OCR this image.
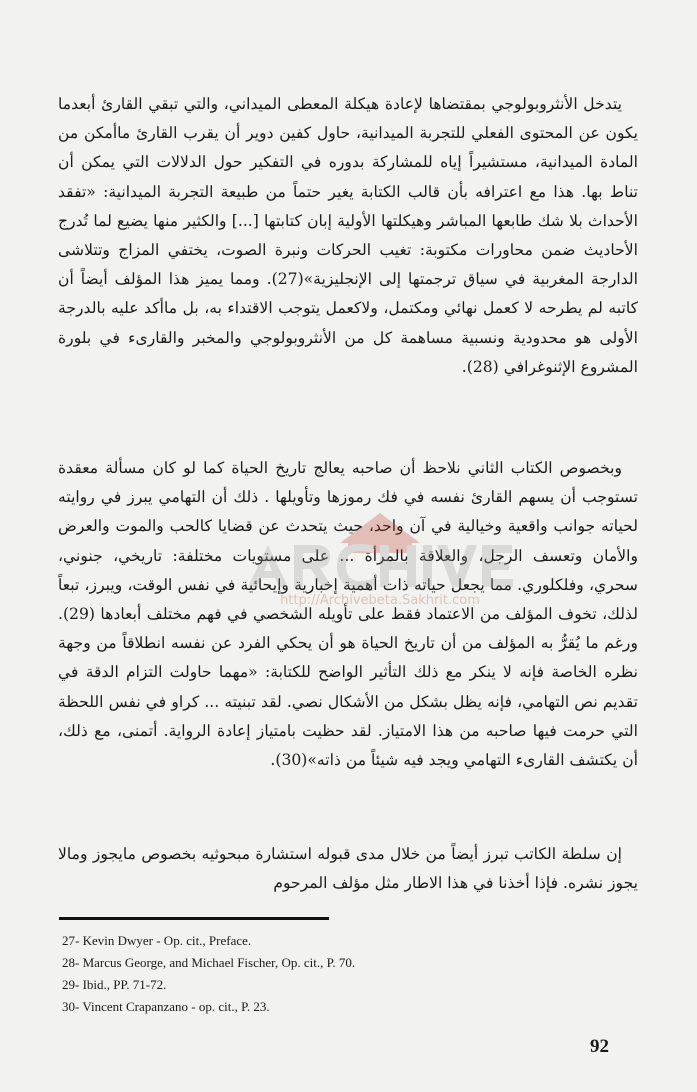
يتدخل الأنثروبولوجي بمقتضاها لإعادة هيكلة المعطى الميداني، والتي تبقي القارئ أبعدما يكون عن المحتوى الفعلي للتجربة الميدانية، حاول كفين دوير أن يقرب القارئ ماأمكن من المادة الميدانية، مستشيراً إياه للمشاركة بدوره في التفكير حول الدلالات التي يمكن أن تناط بها. هذا مع اعترافه بأن قالب الكتابة يغير حتماً من طبيعة التجربة الميدانية: «تفقد الأحداث بلا شك طابعها المباشر وهيكلتها الأولية إبان كتابتها [...] والكثير منها يضيع لما تُدرج الأحاديث ضمن محاورات مكتوبة: تغيب الحركات ونبرة الصوت، يختفي المزاج وتتلاشى الدارجة المغربية في سياق ترجمتها إلى الإنجليزية»(27). ومما يميز هذا المؤلف أيضاً أن كاتبه لم يطرحه لا كعمل نهائي ومكتمل، ولاكعمل يتوجب الاقتداء به، بل ماأكد عليه بالدرجة الأولى هو محدودية ونسبية مساهمة كل من الأنثروبولوجي والمخبر والقارىء في بلورة المشروع الإثنوغرافي (28).

وبخصوص الكتاب الثاني نلاحظ أن صاحبه يعالج تاريخ الحياة كما لو كان مسألة معقدة تستوجب أن يسهم القارئ نفسه في فك رموزها وتأويلها . ذلك أن التهامي يبرز في روايته لحياته جوانب واقعية وخيالية في آن واحد، حيث يتحدث عن قضايا كالحب والموت والعرض والأمان وتعسف الرجل، والعلاقة بالمرأة ... على مستويات مختلفة: تاريخي، جنوني، سحري، وفلكلوري. مما يجعل حياته ذات أهمية إخبارية وإيحائية في نفس الوقت، ويبرز، تبعاً لذلك، تخوف المؤلف من الاعتماد فقط على تأويله الشخصي في فهم مختلف أبعادها (29). ورغم ما يُقرُّ به المؤلف من أن تاريخ الحياة هو أن يحكي الفرد عن نفسه انطلاقاً من وجهة نظره الخاصة فإنه لا ينكر مع ذلك التأثير الواضح للكتابة: «مهما حاولت التزام الدقة في تقديم نص التهامي، فإنه يظل بشكل من الأشكال نصي. لقد تبنيته ... كراو في نفس اللحظة التي حرمت فيها صاحبه من هذا الامتياز. لقد حظيت بامتياز إعادة الرواية. أتمنى، مع ذلك، أن يكتشف القارىء التهامي ويجد فيه شيئاً من ذاته»(30).

إن سلطة الكاتب تبرز أيضاً من خلال مدى قبوله استشارة مبحوثيه بخصوص مايجوز ومالا يجوز نشره. فإذا أخذنا في هذا الاطار مثل مؤلف المرحوم

27- Kevin Dwyer - Op. cit., Preface.
28- Marcus George, and Michael Fischer, Op. cit., P. 70.
29- Ibid., PP. 71-72.
30- Vincent Crapanzano - op. cit., P. 23.
92
http://Archivebeta.Sakhrit.com
